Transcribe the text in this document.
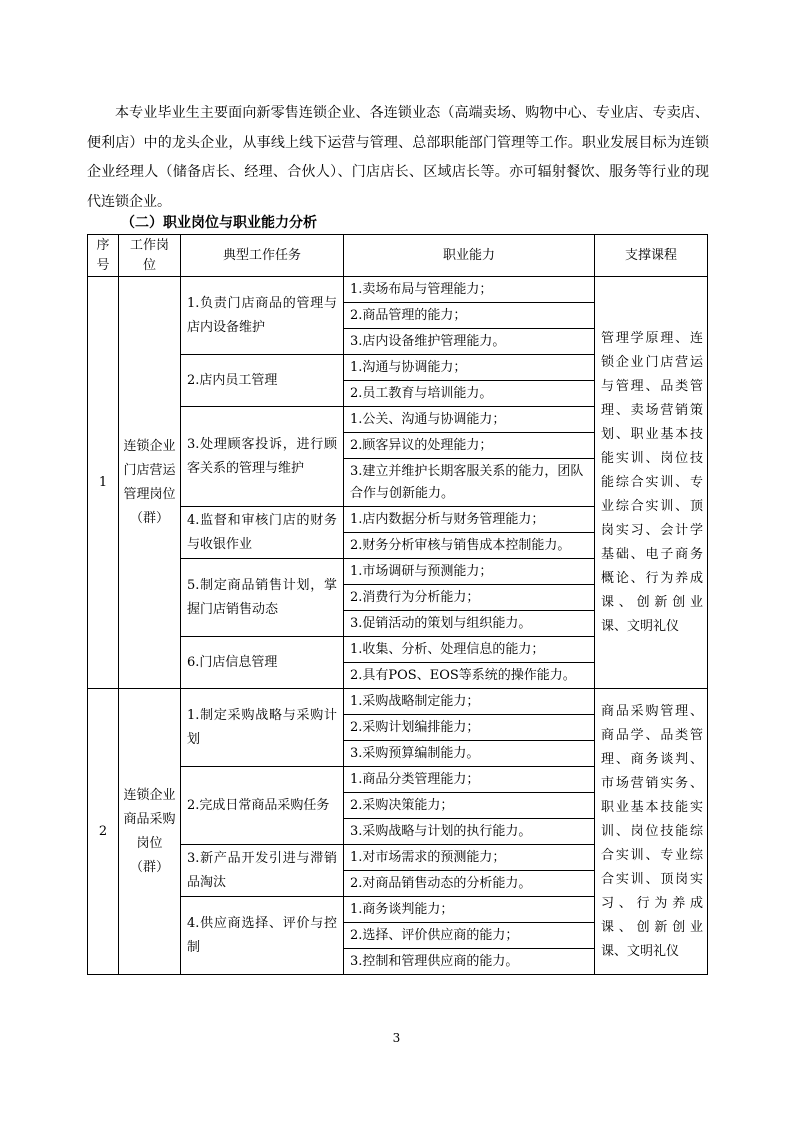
本专业毕业生主要面向新零售连锁企业、各连锁业态（高端卖场、购物中心、专业店、专卖店、便利店）中的龙头企业，从事线上线下运营与管理、总部职能部门管理等工作。职业发展目标为连锁企业经理人（储备店长、经理、合伙人）、门店店长、区域店长等。亦可辐射餐饮、服务等行业的现代连锁企业。

（二）职业岗位与职业能力分析

序号	工作岗位	典型工作任务	职业能力	支撑课程
1	连锁企业门店营运管理岗位（群）	1.负责门店商品的管理与店内设备维护	1.卖场布局与管理能力；	管理学原理、连锁企业门店营运与管理、品类管理、卖场营销策划、职业基本技能实训、岗位技能综合实训、专业综合实训、顶岗实习、会计学基础、电子商务概论、行为养成课、创新创业课、文明礼仪
			2.商品管理的能力；	
			3.店内设备维护管理能力。	
		2.店内员工管理	1.沟通与协调能力；	
			2.员工教育与培训能力。	
		3.处理顾客投诉，进行顾客关系的管理与维护	1.公关、沟通与协调能力；	
			2.顾客异议的处理能力；	
			3.建立并维护长期客服关系的能力，团队合作与创新能力。	
		4.监督和审核门店的财务与收银作业	1.店内数据分析与财务管理能力；	
			2.财务分析审核与销售成本控制能力。	
		5.制定商品销售计划，掌握门店销售动态	1.市场调研与预测能力；	
			2.消费行为分析能力；	
			3.促销活动的策划与组织能力。	
		6.门店信息管理	1.收集、分析、处理信息的能力；	
			2.具有POS、EOS等系统的操作能力。	
2	连锁企业商品采购岗位（群）	1.制定采购战略与采购计划	1.采购战略制定能力；	商品采购管理、商品学、品类管理、商务谈判、市场营销实务、职业基本技能实训、岗位技能综合实训、专业综合实训、顶岗实习、行为养成课、创新创业课、文明礼仪
			2.采购计划编排能力；	
			3.采购预算编制能力。	
		2.完成日常商品采购任务	1.商品分类管理能力；	
			2.采购决策能力；	
			3.采购战略与计划的执行能力。	
		3.新产品开发引进与滞销品淘汰	1.对市场需求的预测能力；	
			2.对商品销售动态的分析能力。	
		4.供应商选择、评价与控制	1.商务谈判能力；	
			2.选择、评价供应商的能力；	
			3.控制和管理供应商的能力。	
3
